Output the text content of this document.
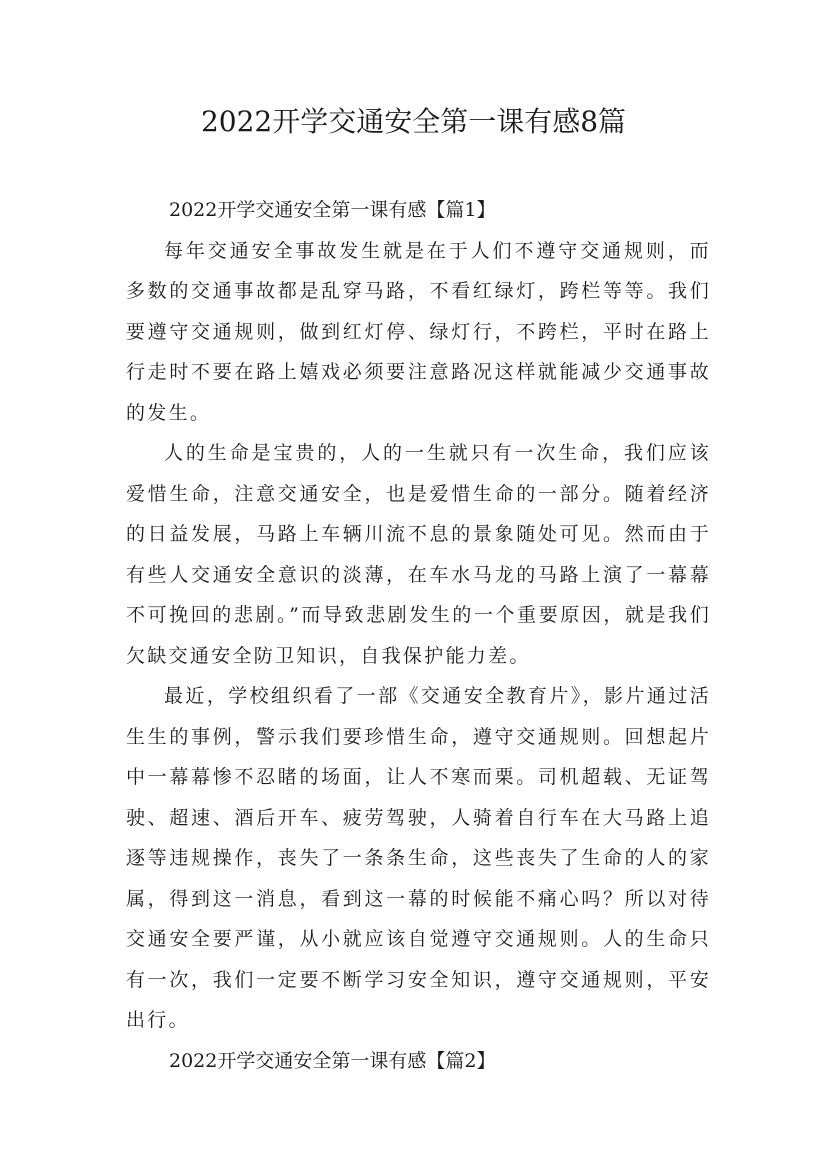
2022开学交通安全第一课有感8篇
2022开学交通安全第一课有感【篇1】

每年交通安全事故发生就是在于人们不遵守交通规则，而多数的交通事故都是乱穿马路，不看红绿灯，跨栏等等。我们要遵守交通规则，做到红灯停、绿灯行，不跨栏，平时在路上行走时不要在路上嬉戏必须要注意路况这样就能减少交通事故的发生。

人的生命是宝贵的，人的一生就只有一次生命，我们应该爱惜生命，注意交通安全，也是爱惜生命的一部分。随着经济的日益发展，马路上车辆川流不息的景象随处可见。然而由于有些人交通安全意识的淡薄，在车水马龙的马路上演了一幕幕不可挽回的悲剧。”而导致悲剧发生的一个重要原因，就是我们欠缺交通安全防卫知识，自我保护能力差。

最近，学校组织看了一部《交通安全教育片》，影片通过活生生的事例，警示我们要珍惜生命，遵守交通规则。回想起片中一幕幕惨不忍睹的场面，让人不寒而栗。司机超载、无证驾驶、超速、酒后开车、疲劳驾驶，人骑着自行车在大马路上追逐等违规操作，丧失了一条条生命，这些丧失了生命的人的家属，得到这一消息，看到这一幕的时候能不痛心吗？所以对待交通安全要严谨，从小就应该自觉遵守交通规则。人的生命只有一次，我们一定要不断学习安全知识，遵守交通规则，平安出行。

2022开学交通安全第一课有感【篇2】
